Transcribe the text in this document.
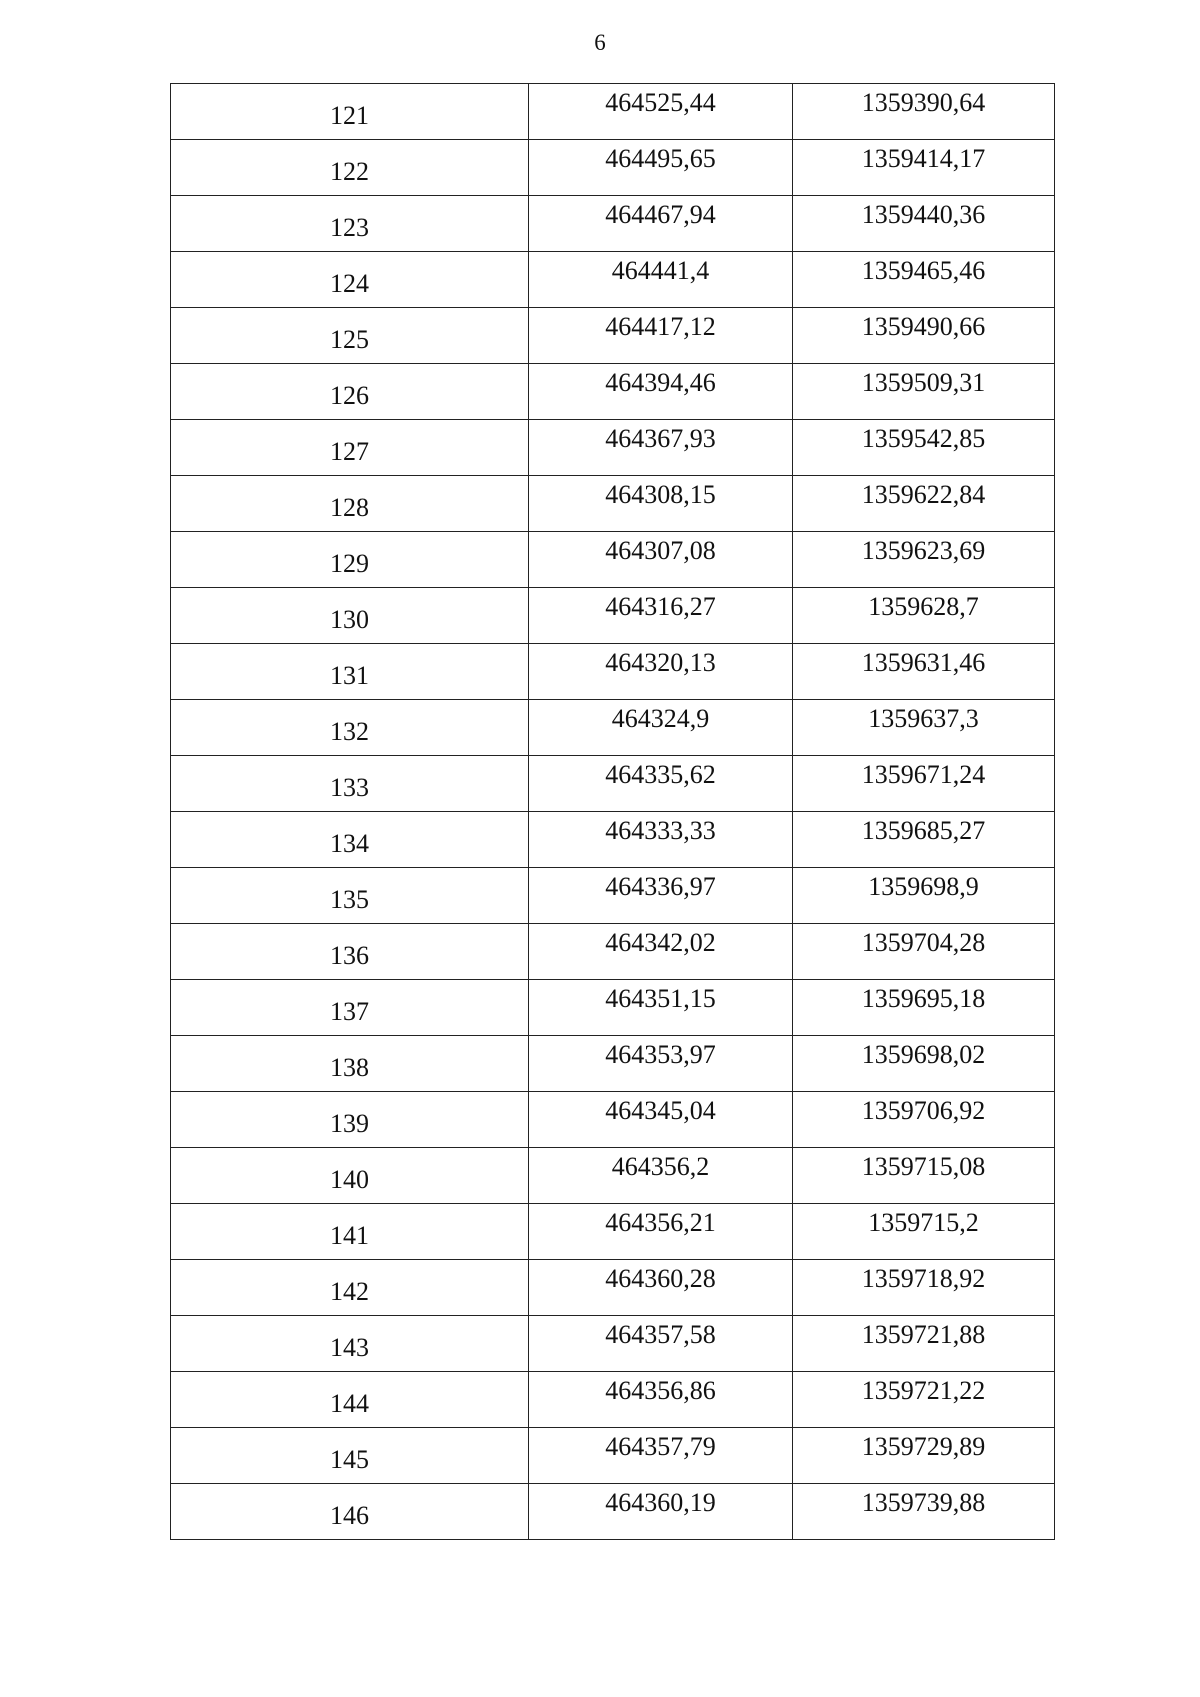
6
121	464525,44	1359390,64
122	464495,65	1359414,17
123	464467,94	1359440,36
124	464441,4	1359465,46
125	464417,12	1359490,66
126	464394,46	1359509,31
127	464367,93	1359542,85
128	464308,15	1359622,84
129	464307,08	1359623,69
130	464316,27	1359628,7
131	464320,13	1359631,46
132	464324,9	1359637,3
133	464335,62	1359671,24
134	464333,33	1359685,27
135	464336,97	1359698,9
136	464342,02	1359704,28
137	464351,15	1359695,18
138	464353,97	1359698,02
139	464345,04	1359706,92
140	464356,2	1359715,08
141	464356,21	1359715,2
142	464360,28	1359718,92
143	464357,58	1359721,88
144	464356,86	1359721,22
145	464357,79	1359729,89
146	464360,19	1359739,88
